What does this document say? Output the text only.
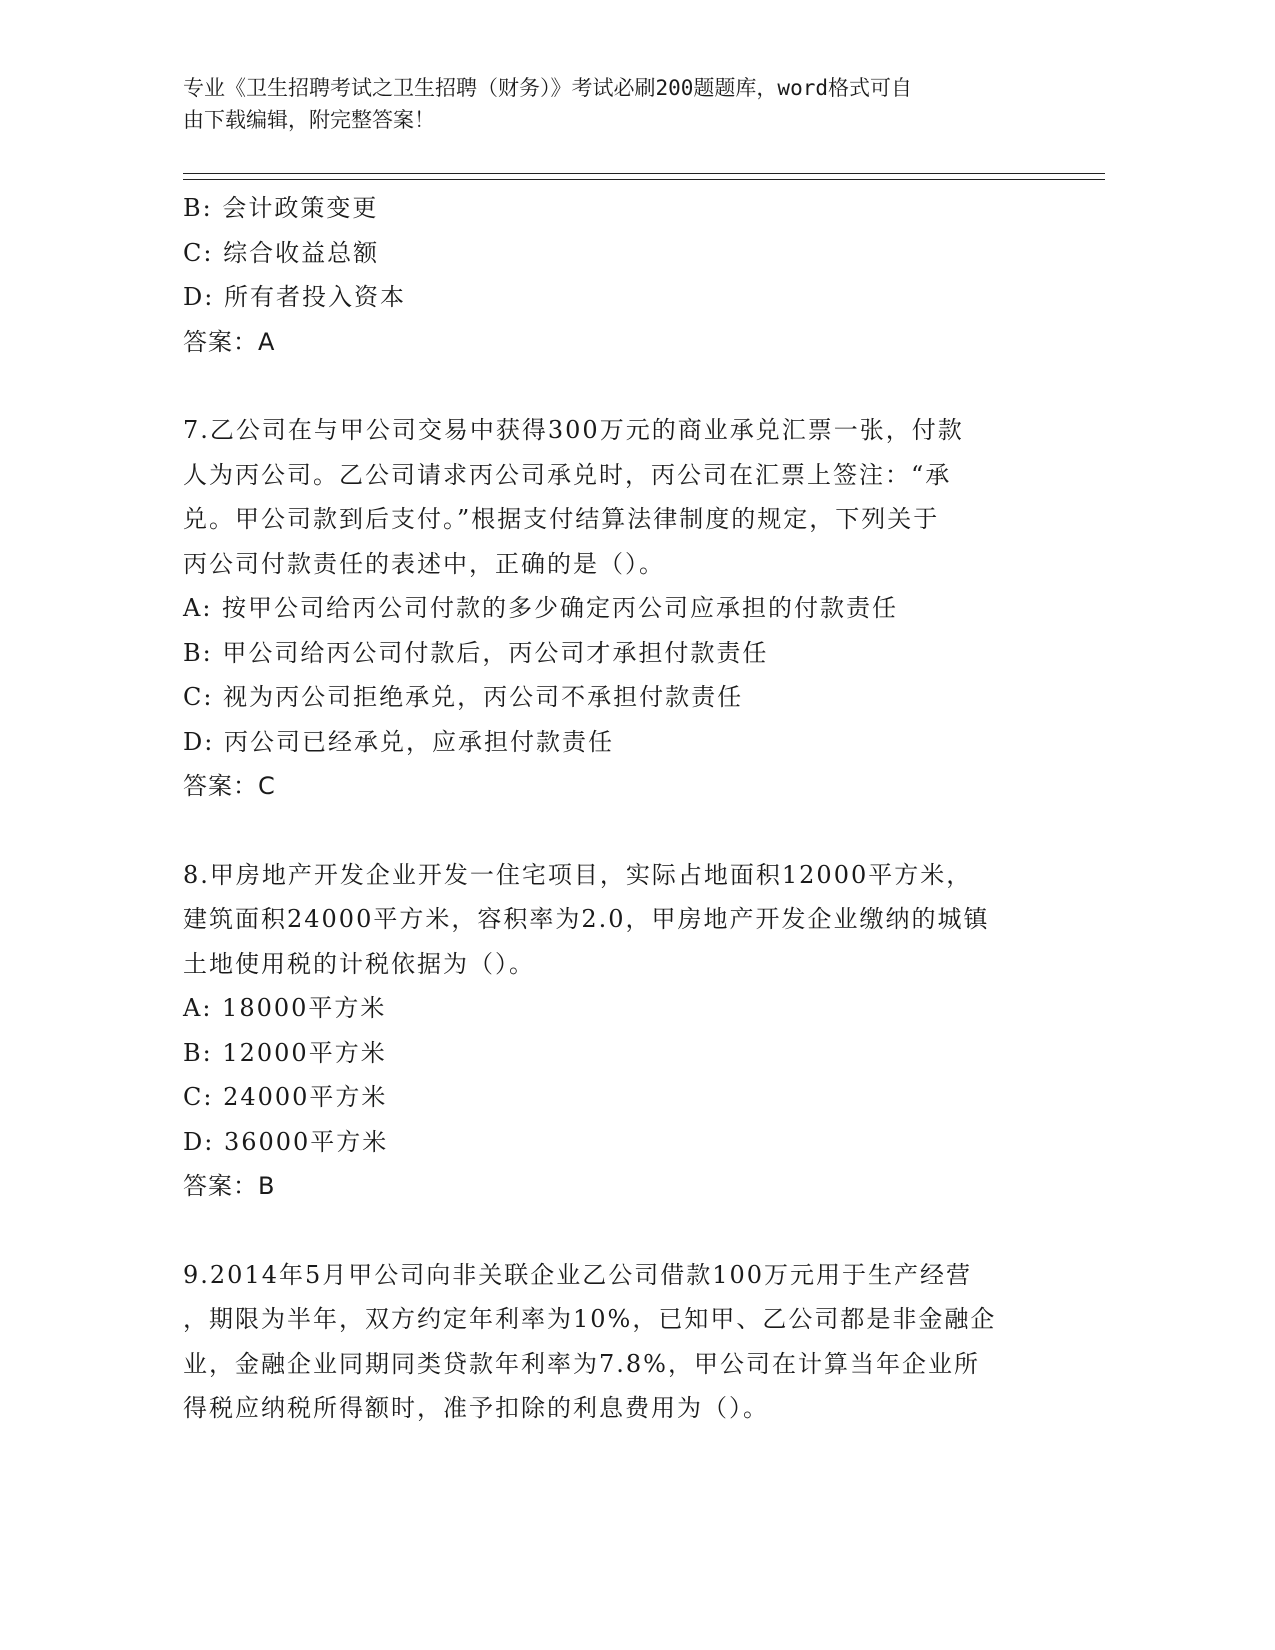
专业《卫生招聘考试之卫生招聘（财务）》考试必刷200题题库，word格式可自
由下载编辑，附完整答案！
B: 会计政策变更
C: 综合收益总额
D: 所有者投入资本
答案：A
7.乙公司在与甲公司交易中获得300万元的商业承兑汇票一张，付款
人为丙公司。乙公司请求丙公司承兑时，丙公司在汇票上签注：“承
兑。甲公司款到后支付。”根据支付结算法律制度的规定，下列关于
丙公司付款责任的表述中，正确的是（）。
A: 按甲公司给丙公司付款的多少确定丙公司应承担的付款责任
B: 甲公司给丙公司付款后，丙公司才承担付款责任
C: 视为丙公司拒绝承兑，丙公司不承担付款责任
D: 丙公司已经承兑，应承担付款责任
答案：C
8.甲房地产开发企业开发一住宅项目，实际占地面积12000平方米，
建筑面积24000平方米，容积率为2.0，甲房地产开发企业缴纳的城镇
土地使用税的计税依据为（）。
A: 18000平方米
B: 12000平方米
C: 24000平方米
D: 36000平方米
答案：B
9.2014年5月甲公司向非关联企业乙公司借款100万元用于生产经营
，期限为半年，双方约定年利率为10%，已知甲、乙公司都是非金融企
业，金融企业同期同类贷款年利率为7.8%，甲公司在计算当年企业所
得税应纳税所得额时，准予扣除的利息费用为（）。
